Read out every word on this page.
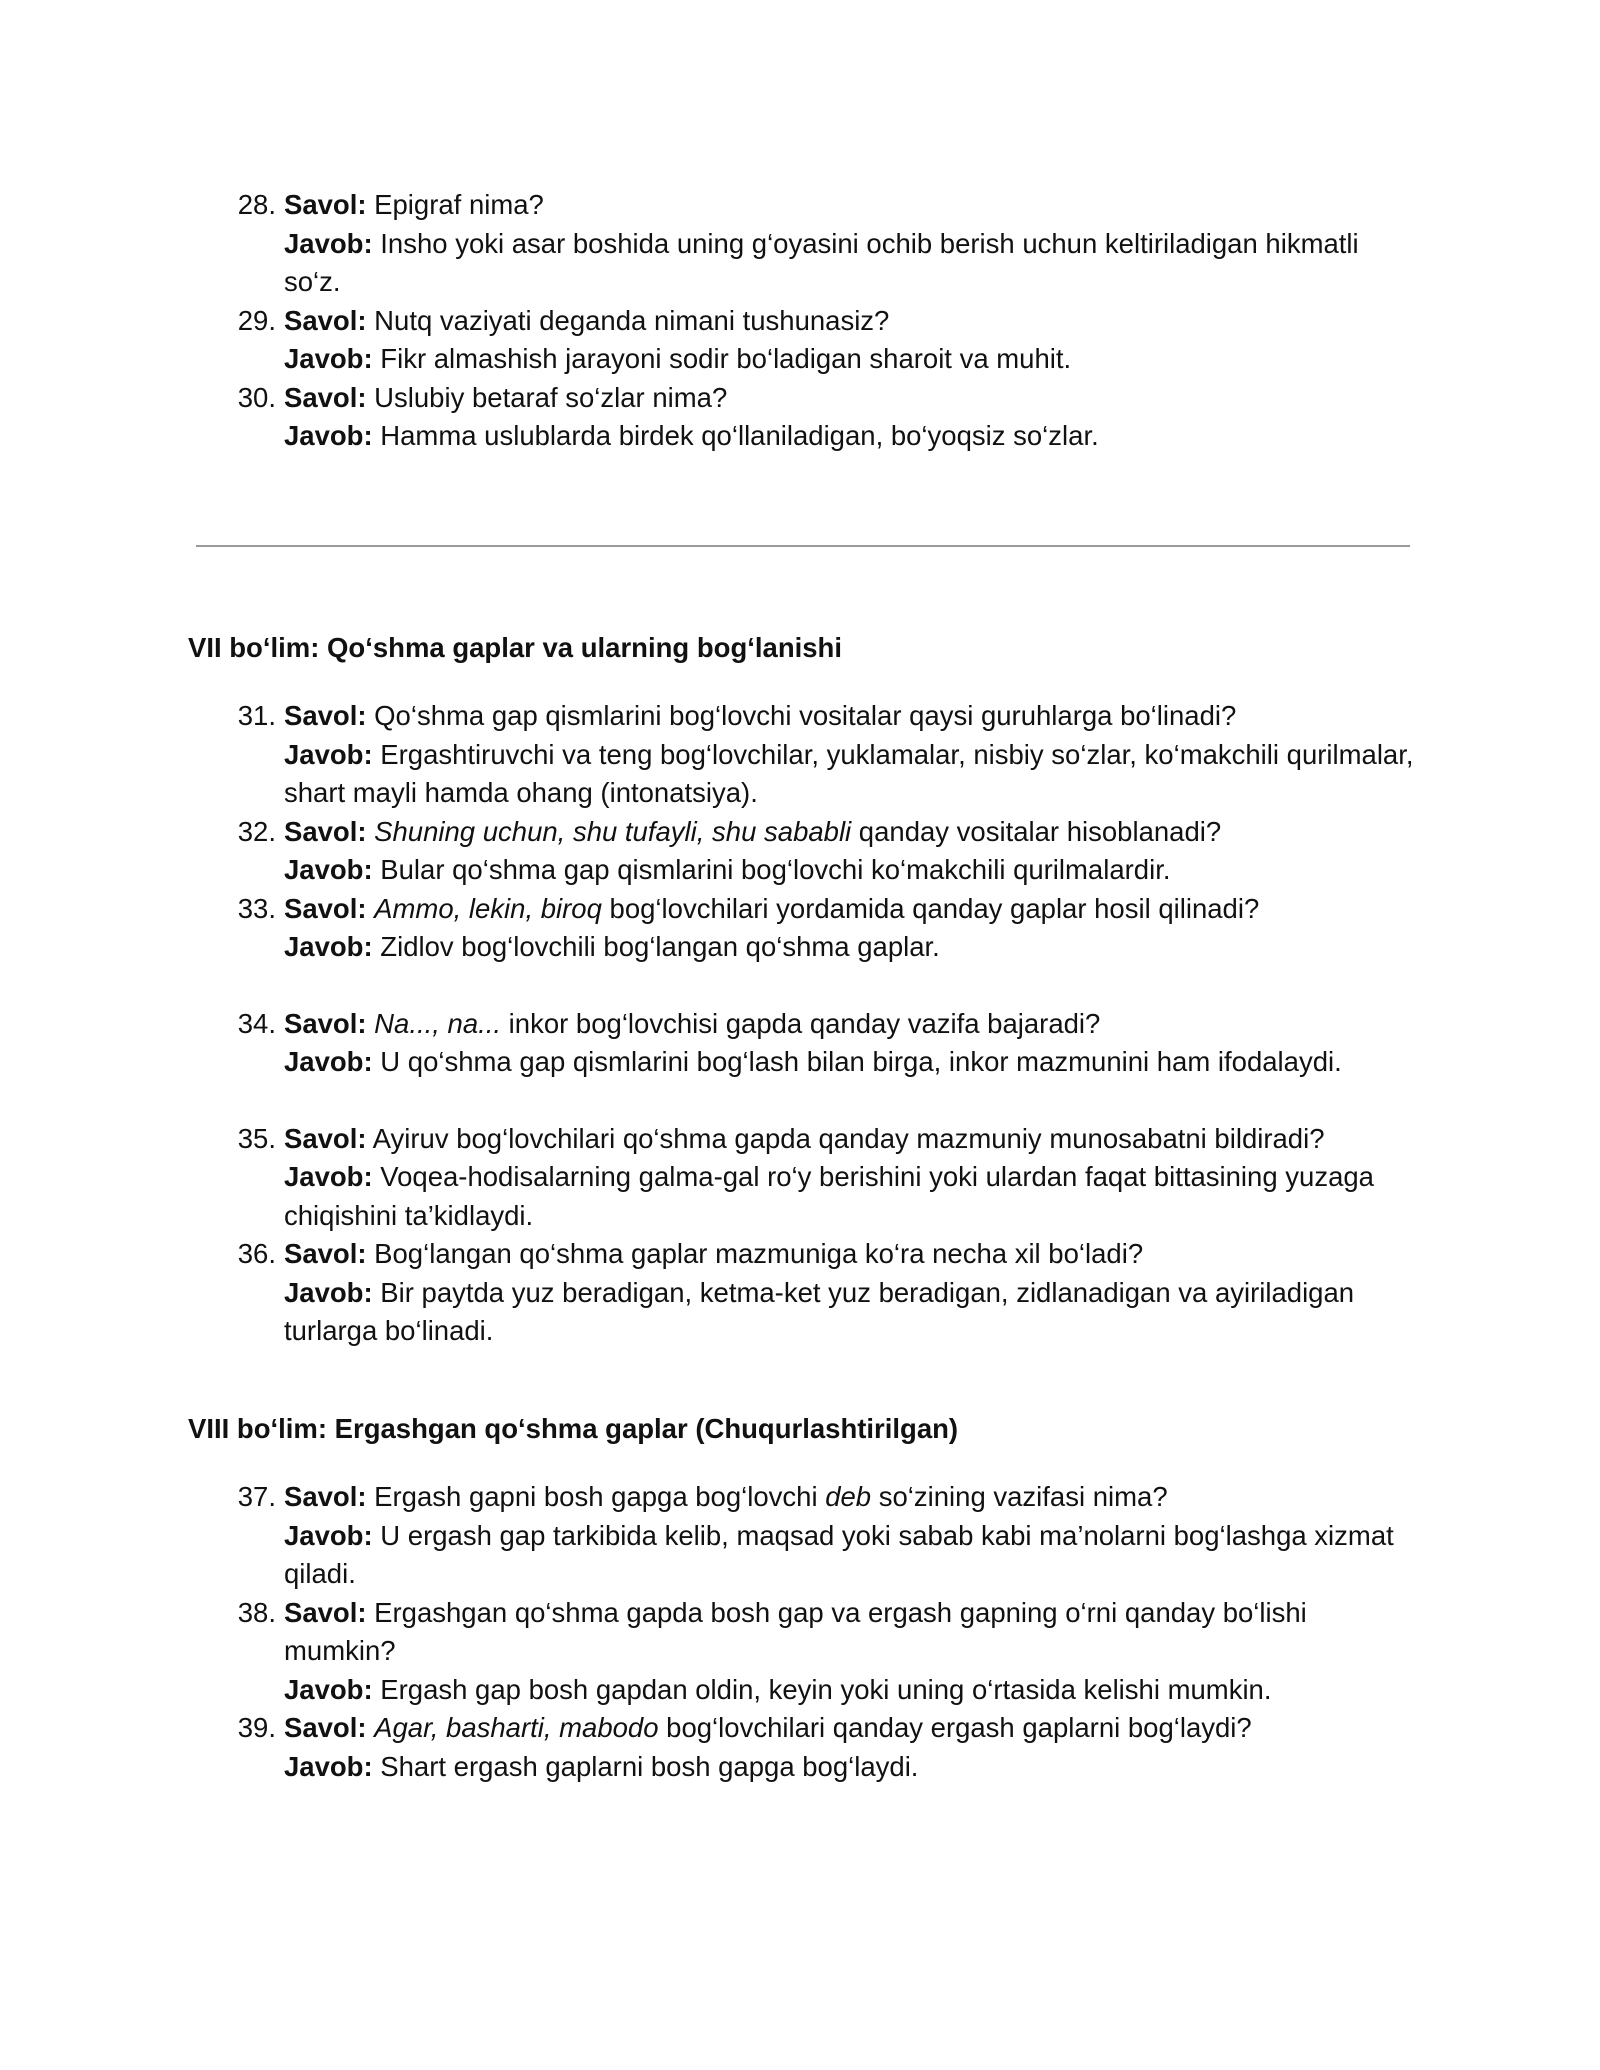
28. Savol: Epigraf nima?
Javob: Insho yoki asar boshida uning g‘oyasini ochib berish uchun keltiriladigan hikmatli so‘z.
29. Savol: Nutq vaziyati deganda nimani tushunasiz?
Javob: Fikr almashish jarayoni sodir bo‘ladigan sharoit va muhit.
30. Savol: Uslubiy betaraf so‘zlar nima?
Javob: Hamma uslublarda birdek qo‘llaniladigan, bo‘yoqsiz so‘zlar.
VII bo‘lim: Qo‘shma gaplar va ularning bog‘lanishi
31. Savol: Qo‘shma gap qismlarini bog‘lovchi vositalar qaysi guruhlarga bo‘linadi?
Javob: Ergashtiruvchi va teng bog‘lovchilar, yuklamalar, nisbiy so‘zlar, ko‘makchili qurilmalar, shart mayli hamda ohang (intonatsiya).
32. Savol: Shuning uchun, shu tufayli, shu sababli qanday vositalar hisoblanadi?
Javob: Bular qo‘shma gap qismlarini bog‘lovchi ko‘makchili qurilmalardir.
33. Savol: Ammo, lekin, biroq bog‘lovchilari yordamida qanday gaplar hosil qilinadi?
Javob: Zidlov bog‘lovchili bog‘langan qo‘shma gaplar.
34. Savol: Na..., na... inkor bog‘lovchisi gapda qanday vazifa bajaradi?
Javob: U qo‘shma gap qismlarini bog‘lash bilan birga, inkor mazmunini ham ifodalaydi.
35. Savol: Ayiruv bog‘lovchilari qo‘shma gapda qanday mazmuniy munosabatni bildiradi?
Javob: Voqea-hodisalarning galma-gal ro‘y berishini yoki ulardan faqat bittasining yuzaga chiqishini ta’kidlaydi.
36. Savol: Bog‘langan qo‘shma gaplar mazmuniga ko‘ra necha xil bo‘ladi?
Javob: Bir paytda yuz beradigan, ketma-ket yuz beradigan, zidlanadigan va ayiriladigan turlarga bo‘linadi.
VIII bo‘lim: Ergashgan qo‘shma gaplar (Chuqurlashtirilgan)
37. Savol: Ergash gapni bosh gapga bog‘lovchi deb so‘zining vazifasi nima?
Javob: U ergash gap tarkibida kelib, maqsad yoki sabab kabi ma’nolarni bog‘lashga xizmat qiladi.
38. Savol: Ergashgan qo‘shma gapda bosh gap va ergash gapning o‘rni qanday bo‘lishi mumkin?
Javob: Ergash gap bosh gapdan oldin, keyin yoki uning o‘rtasida kelishi mumkin.
39. Savol: Agar, basharti, mabodo bog‘lovchilari qanday ergash gaplarni bog‘laydi?
Javob: Shart ergash gaplarni bosh gapga bog‘laydi.
